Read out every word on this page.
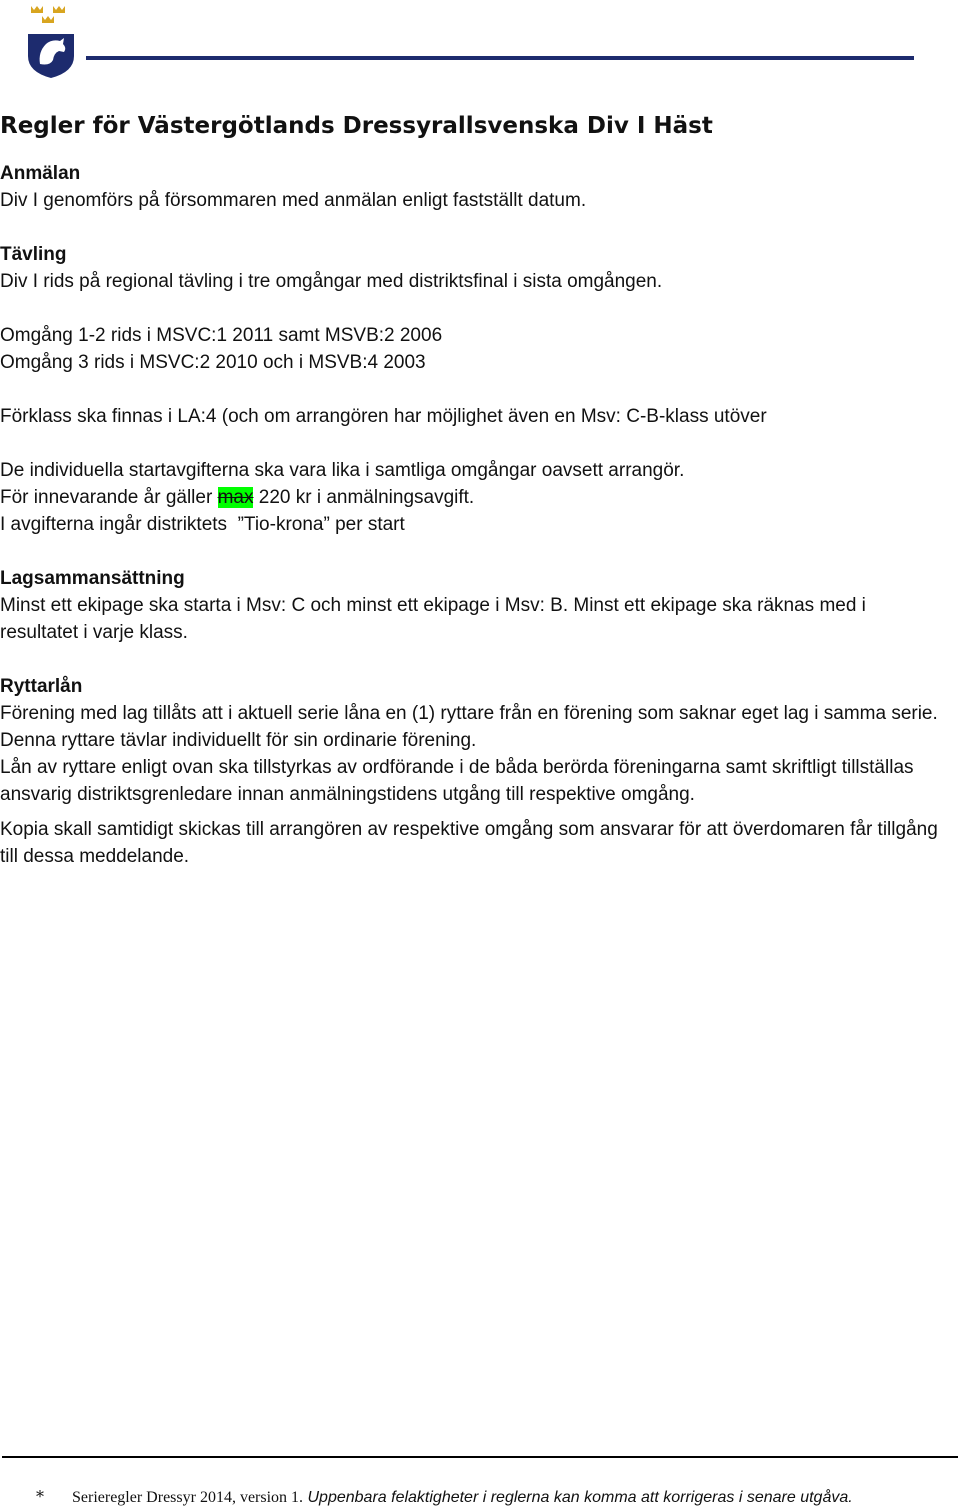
Regler för Västergötlands Dressyrallsvenska Div I Häst

Anmälan

Div I genomförs på försommaren med anmälan enligt fastställt datum.

Tävling

Div I rids på regional tävling i tre omgångar med distriktsfinal i sista omgången.

Omgång 1-2 rids i MSVC:1 2011 samt MSVB:2 2006

Omgång 3 rids i MSVC:2 2010 och i MSVB:4 2003

Förklass ska finnas i LA:4 (och om arrangören har möjlighet även en Msv: C-B-klass utöver

De individuella startavgifterna ska vara lika i samtliga omgångar oavsett arrangör.

För innevarande år gäller max 220 kr i anmälningsavgift.

I avgifterna ingår distriktets  ”Tio-krona” per start

Lagsammansättning

Minst ett ekipage ska starta i Msv: C och minst ett ekipage i Msv: B. Minst ett ekipage ska räknas med i resultatet i varje klass.

Ryttarlån

Förening med lag tillåts att i aktuell serie låna en (1) ryttare från en förening som saknar eget lag i samma serie.  Denna ryttare tävlar individuellt för sin ordinarie förening.

Lån av ryttare enligt ovan ska tillstyrkas av ordförande i de båda berörda föreningarna samt skriftligt tillställas ansvarig distriktsgrenledare innan anmälningstidens utgång till respektive omgång.

Kopia skall samtidigt skickas till arrangören av respektive omgång som ansvarar för att överdomaren får tillgång till dessa meddelande.

* Serieregler Dressyr 2014, version 1. Uppenbara felaktigheter i reglerna kan komma att korrigeras i senare utgåva.
